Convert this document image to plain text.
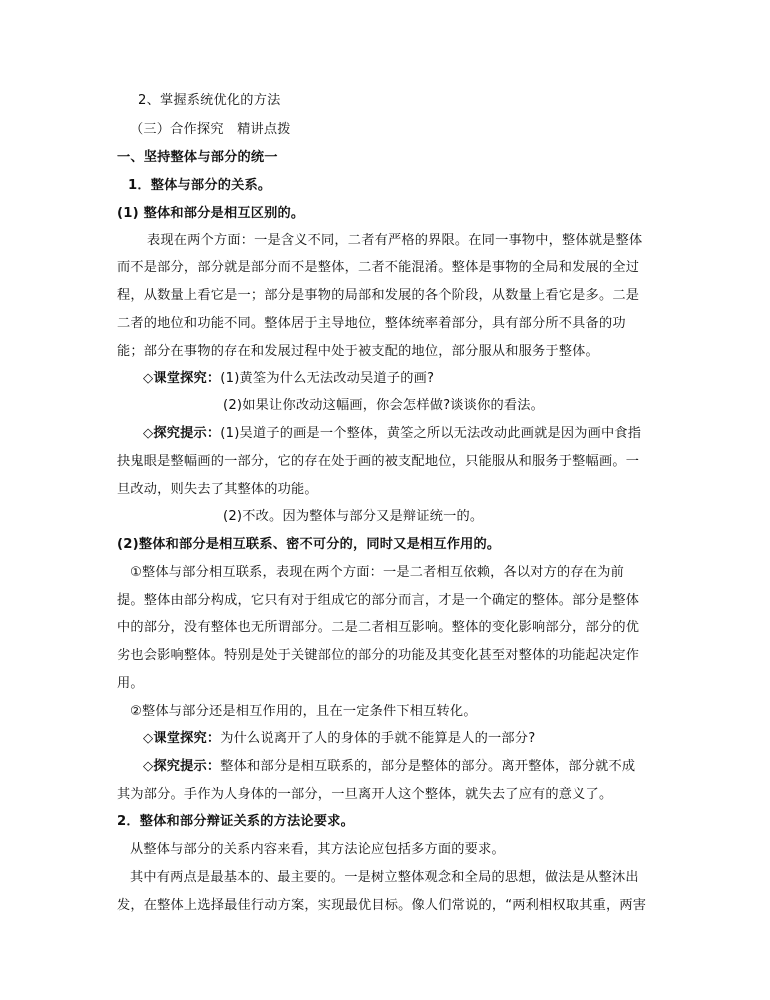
2、掌握系统优化的方法
（三）合作探究　精讲点拨
一、坚持整体与部分的统一
1．整体与部分的关系。
(1) 整体和部分是相互区别的。
表现在两个方面：一是含义不同，二者有严格的界限。在同一事物中，整体就是整体
而不是部分，部分就是部分而不是整体，二者不能混淆。整体是事物的全局和发展的全过
程，从数量上看它是一；部分是事物的局部和发展的各个阶段，从数量上看它是多。二是
二者的地位和功能不同。整体居于主导地位，整体统率着部分，具有部分所不具备的功
能；部分在事物的存在和发展过程中处于被支配的地位，部分服从和服务于整体。
◇课堂探究：(1)黄筌为什么无法改动吴道子的画?
(2)如果让你改动这幅画，你会怎样做?谈谈你的看法。
◇探究提示：(1)吴道子的画是一个整体，黄筌之所以无法改动此画就是因为画中食指
抉鬼眼是整幅画的一部分，它的存在处于画的被支配地位，只能服从和服务于整幅画。一
旦改动，则失去了其整体的功能。
(2)不改。因为整体与部分又是辩证统一的。
(2)整体和部分是相互联系、密不可分的，同时又是相互作用的。
①整体与部分相互联系，表现在两个方面：一是二者相互依赖，各以对方的存在为前
提。整体由部分构成，它只有对于组成它的部分而言，才是一个确定的整体。部分是整体
中的部分，没有整体也无所谓部分。二是二者相互影响。整体的变化影响部分，部分的优
劣也会影响整体。特别是处于关键部位的部分的功能及其变化甚至对整体的功能起决定作
用。
②整体与部分还是相互作用的，且在一定条件下相互转化。
◇课堂探究：为什么说离开了人的身体的手就不能算是人的一部分?
◇探究提示：整体和部分是相互联系的，部分是整体的部分。离开整体，部分就不成
其为部分。手作为人身体的一部分，一旦离开人这个整体，就失去了应有的意义了。
2．整体和部分辩证关系的方法论要求。
从整体与部分的关系内容来看，其方法论应包括多方面的要求。
其中有两点是最基本的、最主要的。一是树立整体观念和全局的思想，做法是从整沐出
发，在整体上选择最佳行动方案，实现最优目标。像人们常说的，“两利相权取其重，两害
